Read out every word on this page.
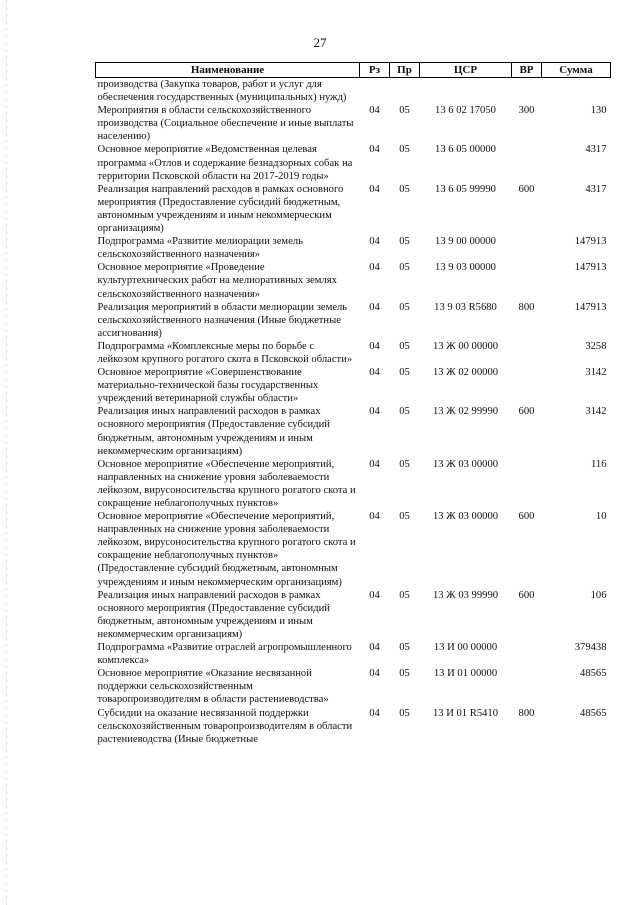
27
Наименование	Рз	Пр	ЦСР	ВР	Сумма
производства (Закупка товаров, работ и услуг для обеспечения государственных (муниципальных) нужд)					
Мероприятия в области сельскохозяйственного производства (Социальное обеспечение и иные выплаты населению)	04	05	13 6 02 17050	300	130
Основное мероприятие «Ведомственная целевая программа «Отлов и содержание безнадзорных собак на территории Псковской области на 2017-2019 годы»	04	05	13 6 05 00000		4317
Реализация направлений расходов в рамках основного мероприятия (Предоставление субсидий бюджетным, автономным учреждениям и иным некоммерческим организациям)	04	05	13 6 05 99990	600	4317
Подпрограмма «Развитие мелиорации земель сельскохозяйственного назначения»	04	05	13 9 00 00000		147913
Основное мероприятие «Проведение культуртехнических работ на мелиоративных землях сельскохозяйственного назначения»	04	05	13 9 03 00000		147913
Реализация мероприятий в области мелиорации земель сельскохозяйственного назначения (Иные бюджетные ассигнования)	04	05	13 9 03 R5680	800	147913
Подпрограмма «Комплексные меры по борьбе с лейкозом крупного рогатого скота в Псковской области»	04	05	13 Ж 00 00000		3258
Основное мероприятие «Совершенствование материально-технической базы государственных учреждений ветеринарной службы области»	04	05	13 Ж 02 00000		3142
Реализация иных направлений расходов в рамках основного мероприятия (Предоставление субсидий бюджетным, автономным учреждениям и иным некоммерческим организациям)	04	05	13 Ж 02 99990	600	3142
Основное мероприятие «Обеспечение мероприятий, направленных на снижение уровня заболеваемости лейкозом, вирусоносительства крупного рогатого скота и сокращение неблагополучных пунктов»	04	05	13 Ж 03 00000		116
Основное мероприятие «Обеспечение мероприятий, направленных на снижение уровня заболеваемости лейкозом, вирусоносительства крупного рогатого скота и сокращение неблагополучных пунктов» (Предоставление субсидий бюджетным, автономным учреждениям и иным некоммерческим организациям)	04	05	13 Ж 03 00000	600	10
Реализация иных направлений расходов в рамках основного мероприятия (Предоставление субсидий бюджетным, автономным учреждениям и иным некоммерческим организациям)	04	05	13 Ж 03 99990	600	106
Подпрограмма «Развитие отраслей агропромышленного комплекса»	04	05	13 И 00 00000		379438
Основное мероприятие «Оказание несвязанной поддержки сельскохозяйственным товаропроизводителям в области растениеводства»	04	05	13 И 01 00000		48565
Субсидии на оказание несвязанной поддержки сельскохозяйственным товаропроизводителям в области растениеводства (Иные бюджетные	04	05	13 И 01 R5410	800	48565
